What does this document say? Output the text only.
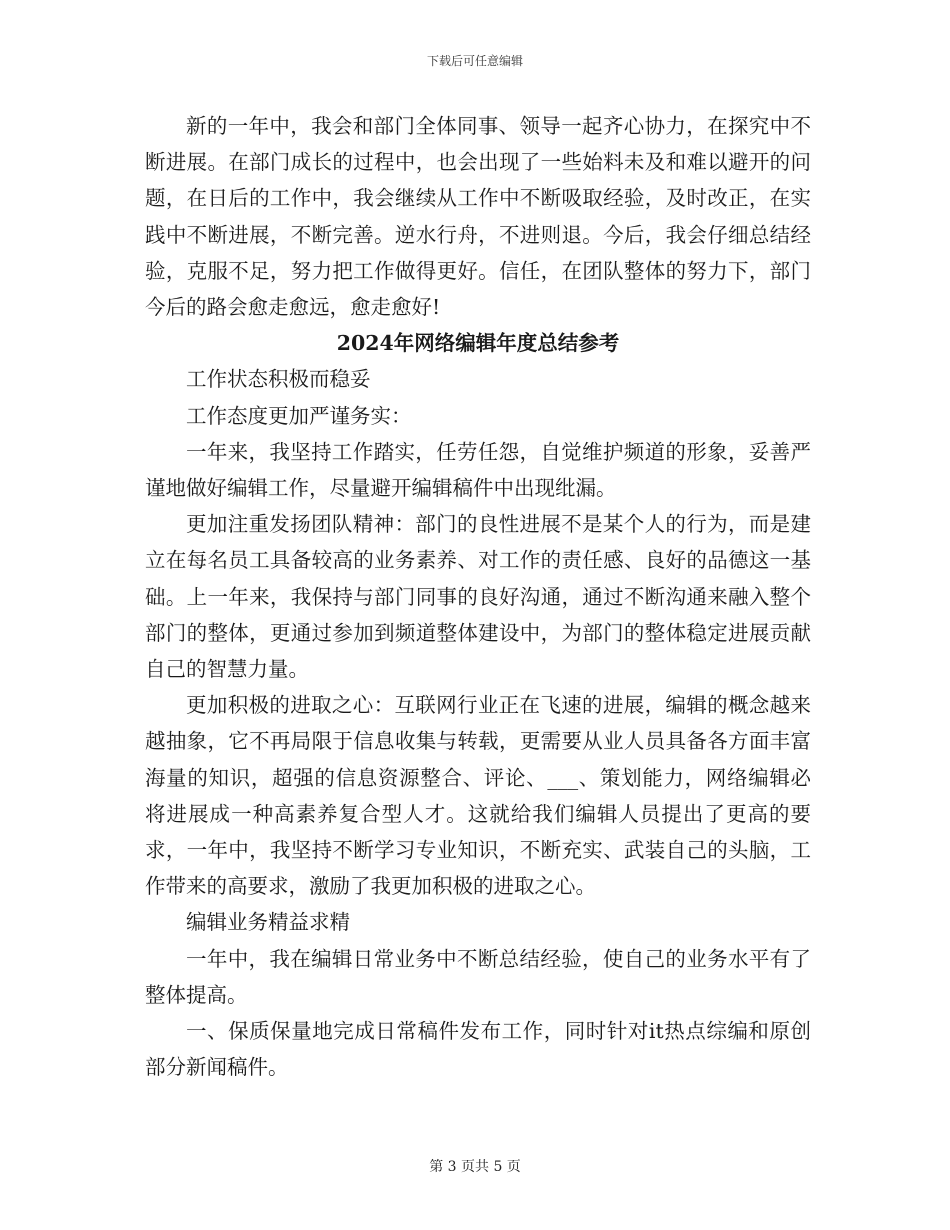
下载后可任意编辑

新的一年中，我会和部门全体同事、领导一起齐心协力，在探究中不断进展。在部门成长的过程中，也会出现了一些始料未及和难以避开的问题，在日后的工作中，我会继续从工作中不断吸取经验，及时改正，在实践中不断进展，不断完善。逆水行舟，不进则退。今后，我会仔细总结经验，克服不足，努力把工作做得更好。信任，在团队整体的努力下，部门今后的路会愈走愈远，愈走愈好!

2024年网络编辑年度总结参考

工作状态积极而稳妥

工作态度更加严谨务实：

一年来，我坚持工作踏实，任劳任怨，自觉维护频道的形象，妥善严谨地做好编辑工作，尽量避开编辑稿件中出现纰漏。

更加注重发扬团队精神：部门的良性进展不是某个人的行为，而是建立在每名员工具备较高的业务素养、对工作的责任感、良好的品德这一基础。上一年来，我保持与部门同事的良好沟通，通过不断沟通来融入整个部门的整体，更通过参加到频道整体建设中，为部门的整体稳定进展贡献自己的智慧力量。

更加积极的进取之心：互联网行业正在飞速的进展，编辑的概念越来越抽象，它不再局限于信息收集与转载，更需要从业人员具备各方面丰富海量的知识，超强的信息资源整合、评论、___、策划能力，网络编辑必将进展成一种高素养复合型人才。这就给我们编辑人员提出了更高的要求，一年中，我坚持不断学习专业知识，不断充实、武装自己的头脑，工作带来的高要求，激励了我更加积极的进取之心。

编辑业务精益求精

一年中，我在编辑日常业务中不断总结经验，使自己的业务水平有了整体提高。

一、保质保量地完成日常稿件发布工作，同时针对it热点综编和原创部分新闻稿件。

第 3 页共 5 页
